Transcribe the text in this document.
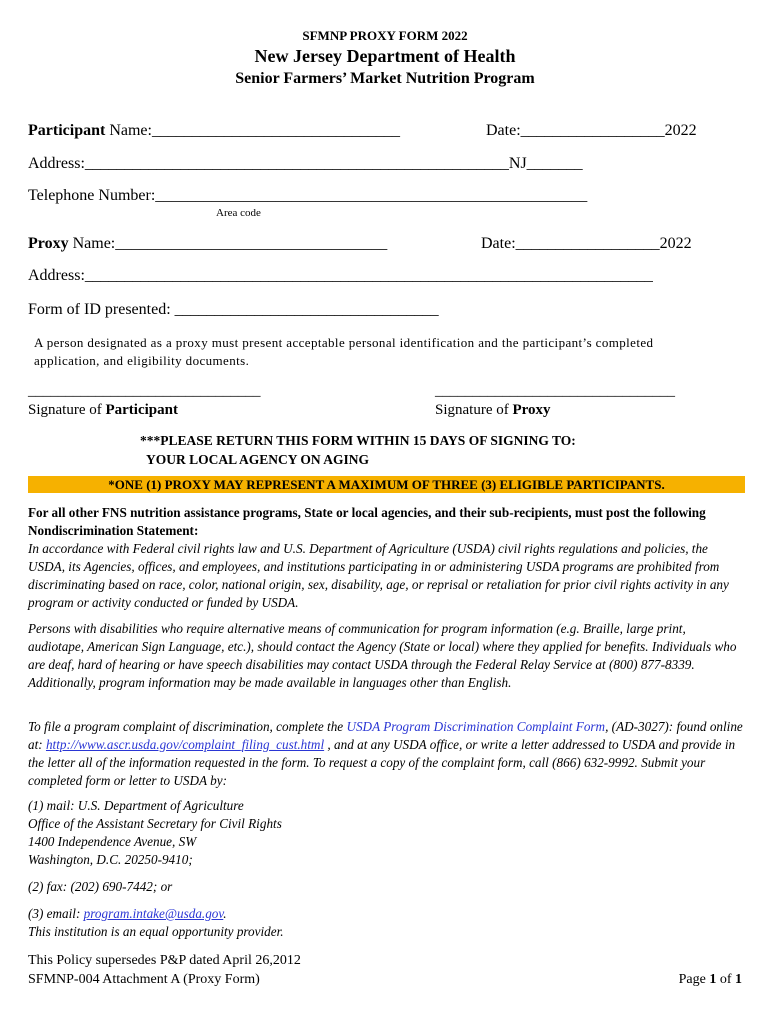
SFMNP PROXY FORM 2022
New Jersey Department of Health
Senior Farmers’ Market Nutrition Program
Participant Name:_______________________________	Date:__________________2022
Address:_____________________________________________________NJ_______
Telephone Number:______________________________________________________
Area code
Proxy Name:__________________________________	Date:__________________2022
Address:_______________________________________________________________________
Form of ID presented: _________________________________
A person designated as a proxy must present acceptable personal identification and the participant’s completed
application, and eligibility documents.
_______________________________
Signature of Participant
________________________________
Signature of Proxy
***PLEASE RETURN THIS FORM WITHIN 15 DAYS OF SIGNING TO:
YOUR LOCAL AGENCY ON AGING
*ONE (1) PROXY MAY REPRESENT A MAXIMUM OF THREE (3) ELIGIBLE PARTICIPANTS.
For all other FNS nutrition assistance programs, State or local agencies, and their sub-recipients, must post the following Nondiscrimination Statement:
In accordance with Federal civil rights law and U.S. Department of Agriculture (USDA) civil rights regulations and policies, the USDA, its Agencies, offices, and employees, and institutions participating in or administering USDA programs are prohibited from discriminating based on race, color, national origin, sex, disability, age, or reprisal or retaliation for prior civil rights activity in any program or activity conducted or funded by USDA.
Persons with disabilities who require alternative means of communication for program information (e.g. Braille, large print, audiotape, American Sign Language, etc.), should contact the Agency (State or local) where they applied for benefits. Individuals who are deaf, hard of hearing or have speech disabilities may contact USDA through the Federal Relay Service at (800) 877-8339. Additionally, program information may be made available in languages other than English.
To file a program complaint of discrimination, complete the USDA Program Discrimination Complaint Form, (AD-3027): found online at: http://www.ascr.usda.gov/complaint_filing_cust.html , and at any USDA office, or write a letter addressed to USDA and provide in the letter all of the information requested in the form. To request a copy of the complaint form, call (866) 632-9992. Submit your completed form or letter to USDA by:
(1) mail: U.S. Department of Agriculture
Office of the Assistant Secretary for Civil Rights
1400 Independence Avenue, SW
Washington, D.C. 20250-9410;
(2) fax: (202) 690-7442; or
(3) email: program.intake@usda.gov.
This institution is an equal opportunity provider.
This Policy supersedes P&P dated April 26,2012
SFMNP-004 Attachment A (Proxy Form)	Page 1 of 1
